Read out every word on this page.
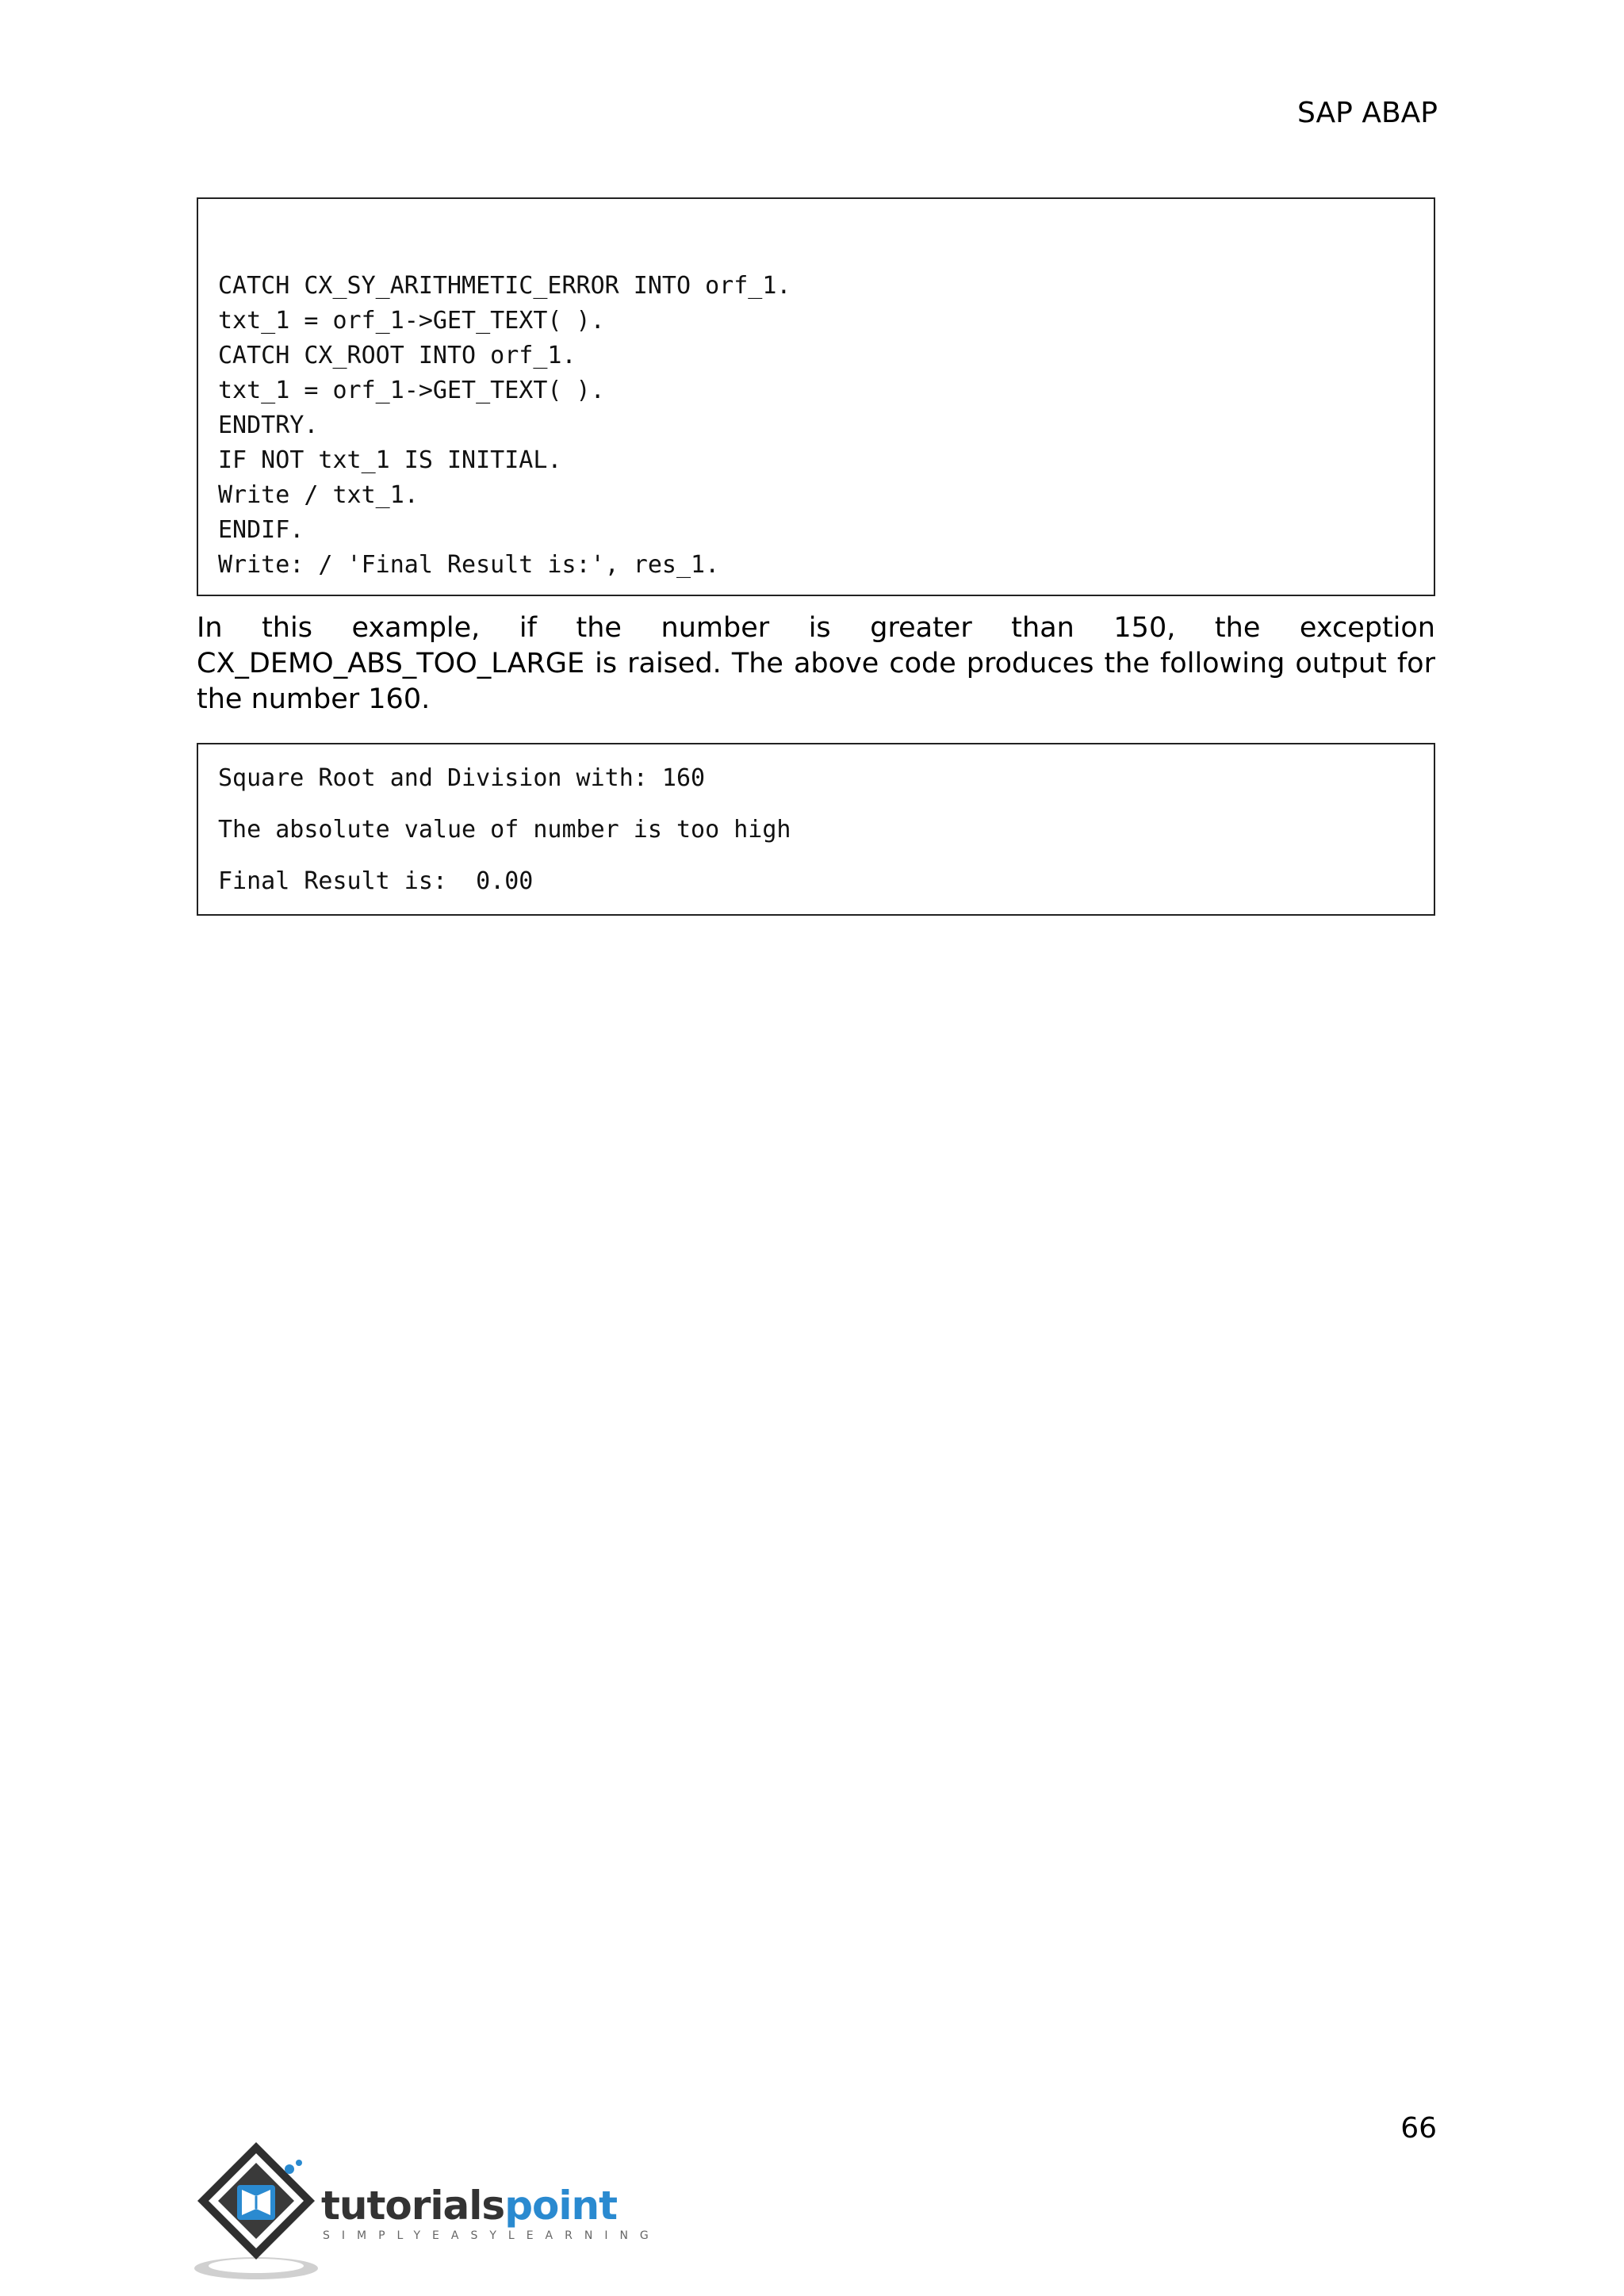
SAP ABAP
CATCH CX_SY_ARITHMETIC_ERROR INTO orf_1.
txt_1 = orf_1->GET_TEXT( ).
CATCH CX_ROOT INTO orf_1.
txt_1 = orf_1->GET_TEXT( ).
ENDTRY.
IF NOT txt_1 IS INITIAL.
Write / txt_1.
ENDIF.
Write: / 'Final Result is:', res_1.
In this example, if the number is greater than 150, the exception CX_DEMO_ABS_TOO_LARGE is raised. The above code produces the following output for the number 160.
Square Root and Division with: 160
The absolute value of number is too high
Final Result is:  0.00
66
tutorialspoint
SIMPLYEASYLEARNING
